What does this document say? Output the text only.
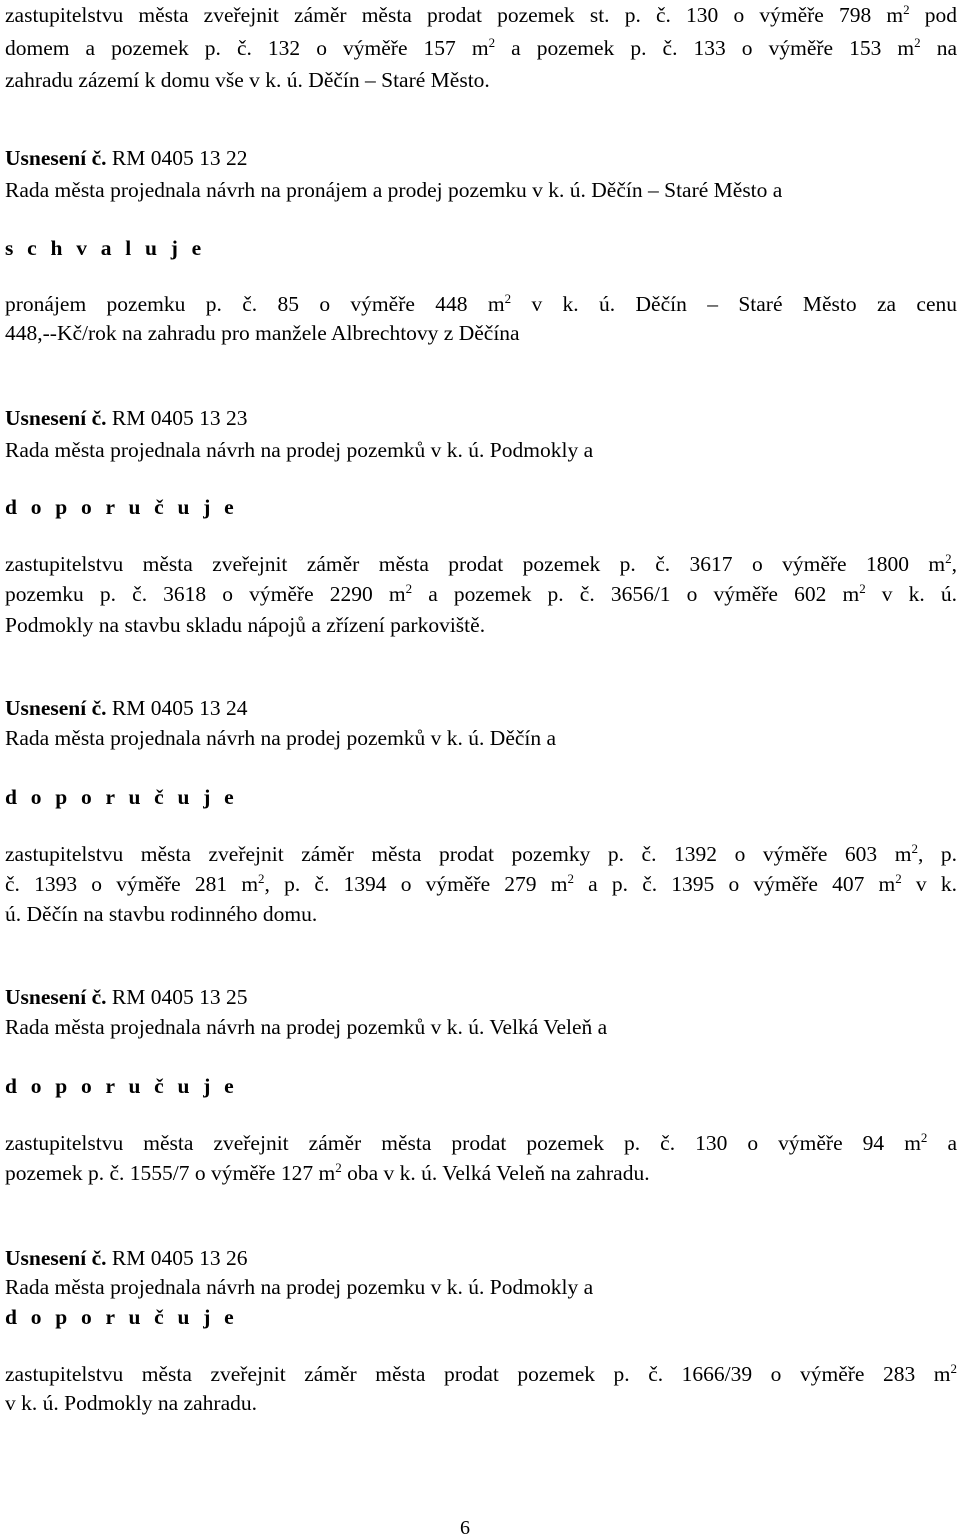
zastupitelstvu města zveřejnit záměr města prodat pozemek st. p. č. 130 o výměře 798 $m^2$ pod
domem a pozemek p. č. 132 o výměře 157 $m^2$ a pozemek p. č. 133 o výměře 153 $m^2$ na
zahradu zázemí k domu vše v k. ú. Děčín – Staré Město.
Usnesení č. RM 0405 13 22
Rada města projednala návrh na pronájem a prodej pozemku v k. ú. Děčín – Staré Město a
s c h v a l u j e
pronájem pozemku p. č. 85 o výměře 448 $m^2$ v k. ú. Děčín – Staré Město za cenu
448,--Kč/rok na zahradu pro manžele Albrechtovy z Děčína
Usnesení č. RM 0405 13 23
Rada města projednala návrh na prodej pozemků v k. ú. Podmokly a
d o p o r u č u j e
zastupitelstvu města zveřejnit záměr města prodat pozemek p. č. 3617 o výměře 1800 $m^2$,
pozemku p. č. 3618 o výměře 2290 $m^2$ a pozemek p. č. 3656/1 o výměře 602 $m^2$ v k. ú.
Podmokly na stavbu skladu nápojů a zřízení parkoviště.
Usnesení č. RM 0405 13 24
Rada města projednala návrh na prodej pozemků v k. ú. Děčín a
d o p o r u č u j e
zastupitelstvu města zveřejnit záměr města prodat pozemky p. č. 1392 o výměře 603 $m^2$, p.
č. 1393 o výměře 281 $m^2$, p. č. 1394 o výměře 279 $m^2$ a p. č. 1395 o výměře 407 $m^2$ v k.
ú. Děčín na stavbu rodinného domu.
Usnesení č. RM 0405 13 25
Rada města projednala návrh na prodej pozemků v k. ú. Velká Veleň a
d o p o r u č u j e
zastupitelstvu města zveřejnit záměr města prodat pozemek p. č. 130 o výměře 94 $m^2$ a
pozemek p. č. 1555/7 o výměře 127 $m^2$ oba v k. ú. Velká Veleň na zahradu.
Usnesení č. RM 0405 13 26
Rada města projednala návrh na prodej pozemku v k. ú. Podmokly a
d o p o r u č u j e
zastupitelstvu města zveřejnit záměr města prodat pozemek p. č. 1666/39 o výměře 283 $m^2$
v k. ú. Podmokly na zahradu.
6
